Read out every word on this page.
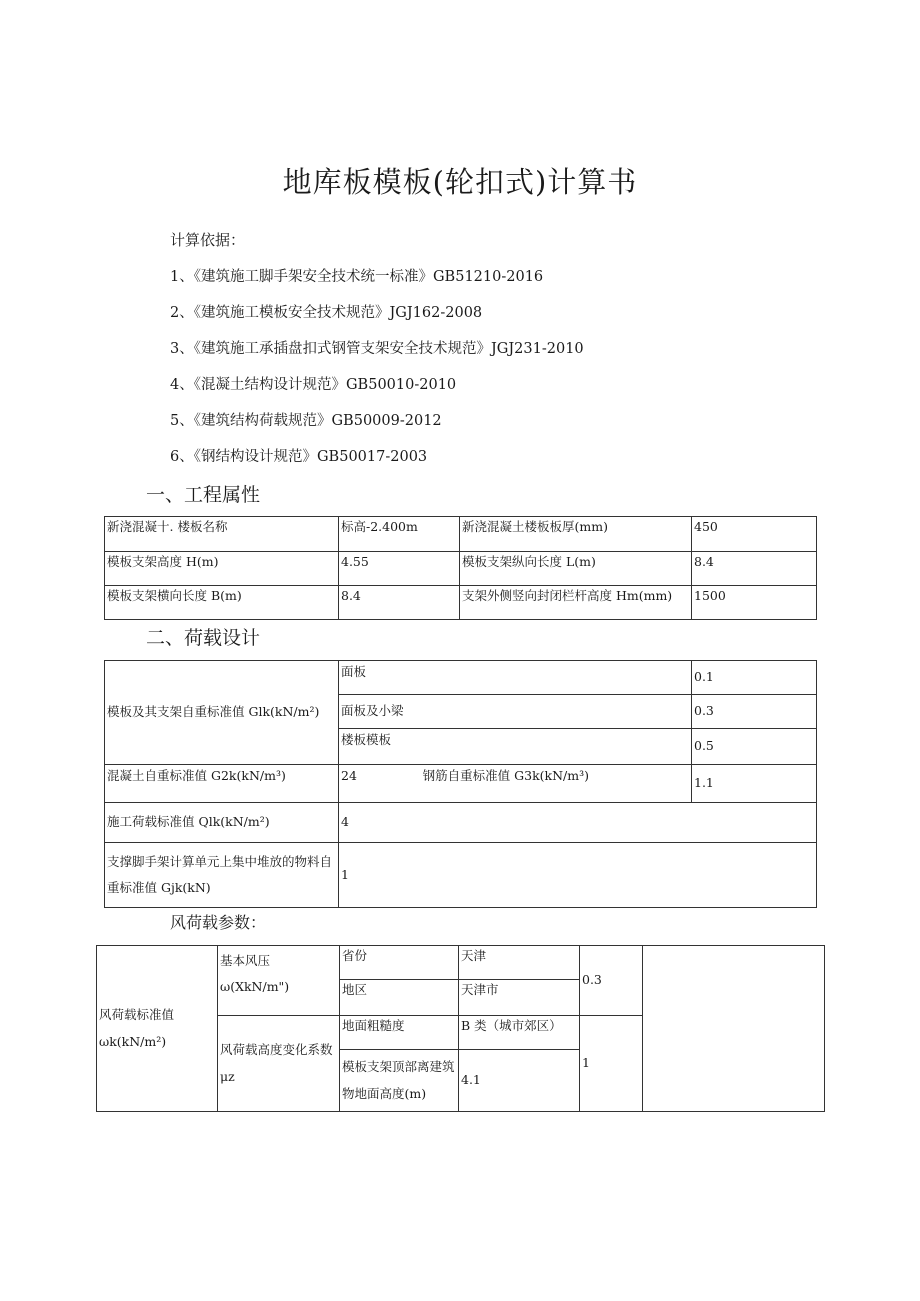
地库板模板(轮扣式)计算书
计算依据：
1、《建筑施工脚手架安全技术统一标准》GB51210-2016
2、《建筑施工模板安全技术规范》JGJ162-2008
3、《建筑施工承插盘扣式钢管支架安全技术规范》JGJ231-2010
4、《混凝土结构设计规范》GB50010-2010
5、《建筑结构荷载规范》GB50009-2012
6、《钢结构设计规范》GB50017-2003
一、工程属性
新浇混凝十. 楼板名称	标高-2.400m	新浇混凝土楼板板厚(mm)	450
模板支架高度 H(m)	4.55	模板支架纵向长度 L(m)	8.4
模板支架横向长度 B(m)	8.4	支架外侧竖向封闭栏杆高度 Hm(mm)	1500
二、荷载设计
模板及其支架自重标准值 Glk(kN/m²)	面板	0.1
	面板及小梁	0.3
	楼板模板	0.5
混凝土自重标准值 G2k(kN/m³)	24 钢筋自重标准值 G3k(kN/m³)	1.1
施工荷载标准值 Qlk(kN/m²)	4	
支撑脚手架计算单元上集中堆放的物料自重标准值 Gjk(kN)	1	
风荷载参数：
风荷载标准值 ωk(kN/m²)	基本风压 ω(XkN/m")	省份	天津	0.3	
		地区	天津市		
	风荷载高度变化系数 μz	地面粗糙度	B 类（城市郊区）	1	
		模板支架顶部离建筑物地面高度(m)	4.1		
